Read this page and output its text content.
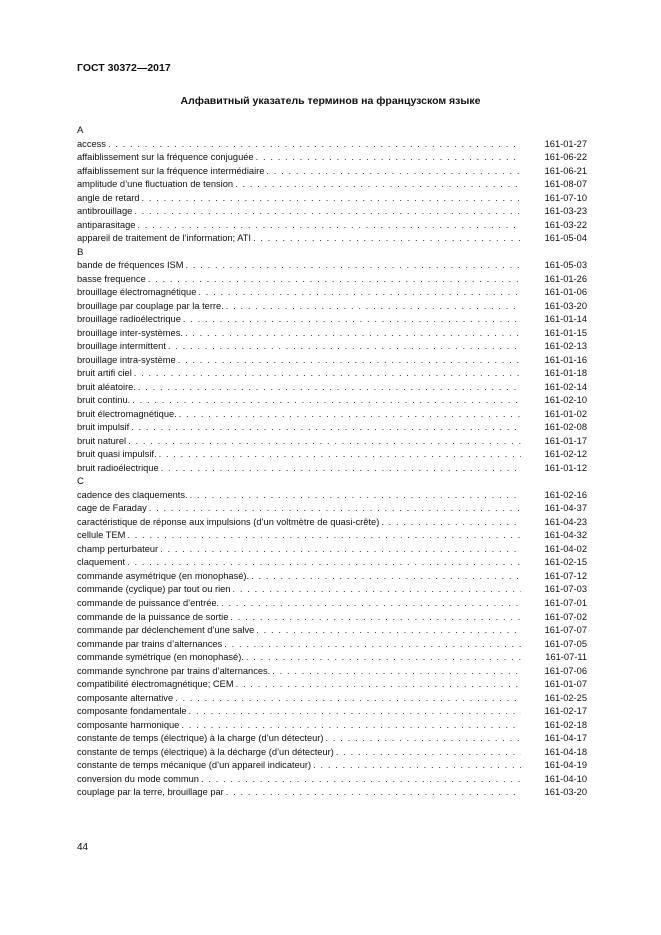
ГОСТ 30372—2017
Алфавитный указатель терминов на французском языке
A
access . . .	161-01-27
affaiblissement sur la fréquence conjuguée . . .	161-06-22
affaiblissement sur la fréquence intermédiaire . . .	161-06-21
amplitude d’une fluctuation de tension . . .	161-08-07
angle de retard . . .	161-07-10
antibrouillage . . .	161-03-23
antiparasitage . . .	161-03-22
appareil de traitement de l’information; ATI . . .	161-05-04
B
bande de fréquences ISM . . .	161-05-03
basse frequence . . .	161-01-26
brouillage électromagnétique . . .	161-01-06
brouillage par couplage par la terre. . . .	161-03-20
brouillage radioélectrique . . .	161-01-14
brouillage inter-systèmes. . . .	161-01-15
brouillage intermittent . . .	161-02-13
brouillage intra-système . . .	161-01-16
bruit artifi ciel . . .	161-01-18
bruit aléatoire. . . .	161-02-14
bruit continu. . . .	161-02-10
bruit électromagnétique. . . .	161-01-02
bruit impulsif . . .	161-02-08
bruit naturel . . .	161-01-17
bruit quasi impulsif. . . .	161-02-12
bruit radioélectrique . . .	161-01-12
C
cadence des claquements. . . .	161-02-16
cage de Faraday . . .	161-04-37
caractéristique de réponse aux impulsions (d’un voltmètre de quasi-crête) . . .	161-04-23
cellule TEM . . .	161-04-32
champ perturbateur . . .	161-04-02
claquement . . .	161-02-15
commande asymétrique (en monophasé). . . .	161-07-12
commande (cyclique) par tout ou rien . . .	161-07-03
commande de puissance d’entrée. . . .	161-07-01
commande de la puissance de sortie . . .	161-07-02
commande par déclenchement d’une salve . . .	161-07-07
commande par trains d’alternances . . .	161-07-05
commande symétrique (en monophasé). . . .	161-07-11
commande synchrone par trains d’alternances. . . .	161-07-06
compatibilité électromagnétique; CEM . . .	161-01-07
composante alternative . . .	161-02-25
composante fondamentale . . .	161-02-17
composante harmonique . . .	161-02-18
constante de temps (électrique) à la charge (d’un détecteur) . . .	161-04-17
constante de temps (électrique) à la décharge (d’un détecteur) . . .	161-04-18
constante de temps mécanique (d’un appareil indicateur) . . .	161-04-19
conversion du mode commun . . .	161-04-10
couplage par la terre, brouillage par . . .	161-03-20
44
